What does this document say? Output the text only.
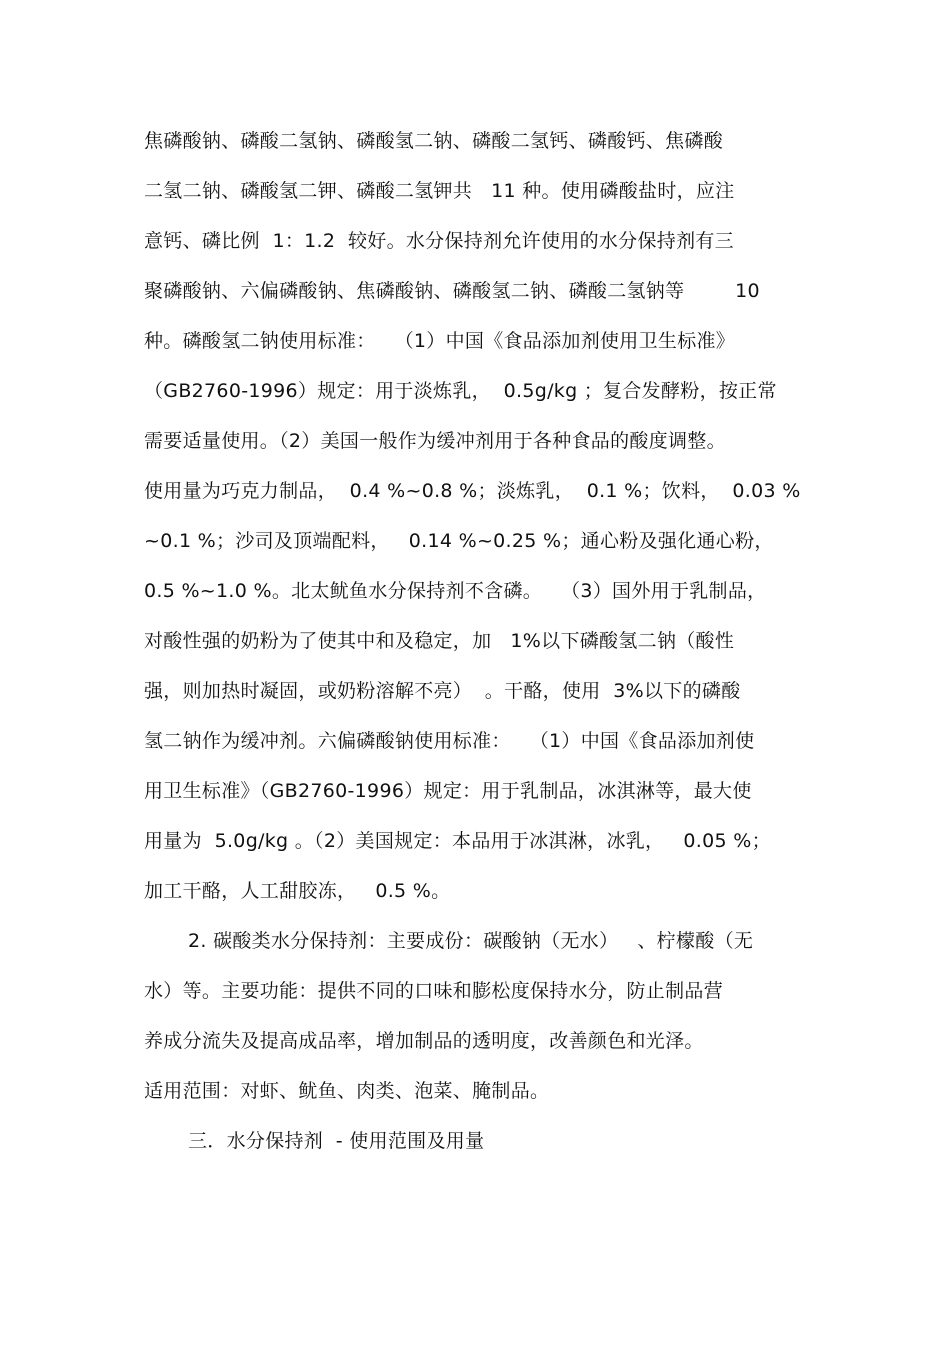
焦磷酸钠、磷酸二氢钠、磷酸氢二钠、磷酸二氢钙、磷酸钙、焦磷酸
二氢二钠、磷酸氢二钾、磷酸二氢钾共   11 种。使用磷酸盐时，应注
意钙、磷比例  1：1.2  较好。水分保持剂允许使用的水分保持剂有三
聚磷酸钠、六偏磷酸钠、焦磷酸钠、磷酸氢二钠、磷酸二氢钠等        10
种。磷酸氢二钠使用标准：   （1）中国《食品添加剂使用卫生标准》
（GB2760-1996）规定：用于淡炼乳，  0.5g/kg ；复合发酵粉，按正常
需要适量使用。（2）美国一般作为缓冲剂用于各种食品的酸度调整。
使用量为巧克力制品，  0.4 %~0.8 %；淡炼乳，  0.1 %；饮料，  0.03 %
~0.1 %；沙司及顶端配料，   0.14 %~0.25 %；通心粉及强化通心粉，
0.5 %~1.0 %。北太鱿鱼水分保持剂不含磷。   （3）国外用于乳制品，
对酸性强的奶粉为了使其中和及稳定，加   1%以下磷酸氢二钠（酸性
强，则加热时凝固，或奶粉溶解不亮）  。干酪，使用  3%以下的磷酸
氢二钠作为缓冲剂。六偏磷酸钠使用标准：   （1）中国《食品添加剂使
用卫生标准》（GB2760-1996）规定：用于乳制品，冰淇淋等，最大使
用量为  5.0g/kg 。（2）美国规定：本品用于冰淇淋，冰乳，   0.05 %；
加工干酪，人工甜胶冻，   0.5 %。
2. 碳酸类水分保持剂：主要成份：碳酸钠（无水）   、柠檬酸（无
水）等。主要功能：提供不同的口味和膨松度保持水分，防止制品营
养成分流失及提高成品率，增加制品的透明度，改善颜色和光泽。
适用范围：对虾、鱿鱼、肉类、泡菜、腌制品。
三．水分保持剂  - 使用范围及用量
